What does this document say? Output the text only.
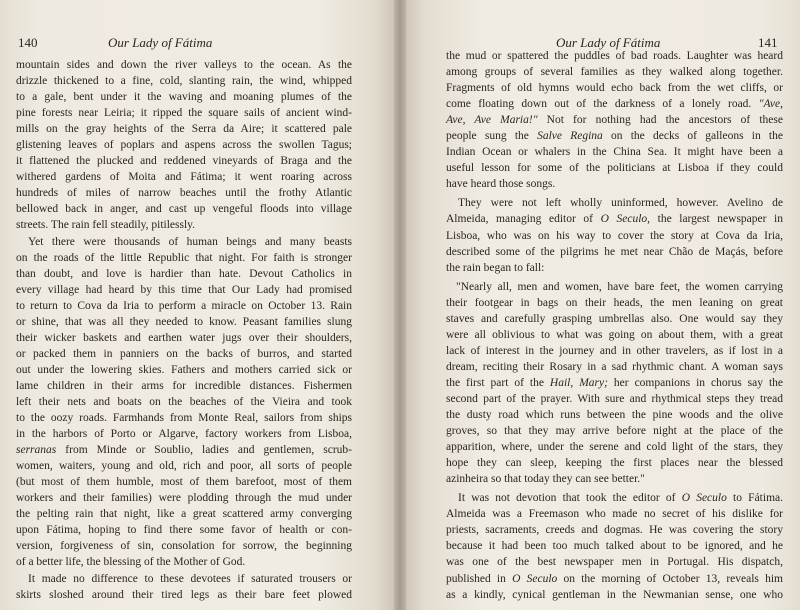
140	Our Lady of Fátima
mountain sides and down the river valleys to the ocean. As the
drizzle thickened to a fine, cold, slanting rain, the wind, whipped
to a gale, bent under it the waving and moaning plumes of the
pine forests near Leiria; it ripped the square sails of ancient wind-
mills on the gray heights of the Serra da Aire; it scattered pale
glistening leaves of poplars and aspens across the swollen Tagus;
it flattened the plucked and reddened vineyards of Braga and the
withered gardens of Moita and Fátima; it went roaring across
hundreds of miles of narrow beaches until the frothy Atlantic
bellowed back in anger, and cast up vengeful floods into village
streets. The rain fell steadily, pitilessly.
Yet there were thousands of human beings and many beasts
on the roads of the little Republic that night. For faith is stronger
than doubt, and love is hardier than hate. Devout Catholics in
every village had heard by this time that Our Lady had promised
to return to Cova da Iria to perform a miracle on October 13. Rain
or shine, that was all they needed to know. Peasant families slung
their wicker baskets and earthen water jugs over their shoulders,
or packed them in panniers on the backs of burros, and started
out under the lowering skies. Fathers and mothers carried sick or
lame children in their arms for incredible distances. Fishermen
left their nets and boats on the beaches of the Vieira and took
to the oozy roads. Farmhands from Monte Real, sailors from ships
in the harbors of Porto or Algarve, factory workers from Lisboa,
serranas from Minde or Soublio, ladies and gentlemen, scrub-
women, waiters, young and old, rich and poor, all sorts of people
(but most of them humble, most of them barefoot, most of them
workers and their families) were plodding through the mud under
the pelting rain that night, like a great scattered army converging
upon Fátima, hoping to find there some favor of health or con-
version, forgiveness of sin, consolation for sorrow, the beginning
of a better life, the blessing of the Mother of God.
It made no difference to these devotees if saturated trousers or
skirts sloshed around their tired legs as their bare feet plowed
Our Lady of Fátima	141
the mud or spattered the puddles of bad roads. Laughter was heard
among groups of several families as they walked along together.
Fragments of old hymns would echo back from the wet cliffs, or
come floating down out of the darkness of a lonely road. "Ave,
Ave, Ave Maria!" Not for nothing had the ancestors of these
people sung the Salve Regina on the decks of galleons in the
Indian Ocean or whalers in the China Sea. It might have been a
useful lesson for some of the politicians at Lisboa if they could
have heard those songs.
They were not left wholly uninformed, however. Avelino de
Almeida, managing editor of O Seculo, the largest newspaper in
Lisboa, who was on his way to cover the story at Cova da Iria,
described some of the pilgrims he met near Chão de Maçás, before
the rain began to fall:
"Nearly all, men and women, have bare feet, the women carrying
their footgear in bags on their heads, the men leaning on great
staves and carefully grasping umbrellas also. One would say they
were all oblivious to what was going on about them, with a great
lack of interest in the journey and in other travelers, as if lost in a
dream, reciting their Rosary in a sad rhythmic chant. A woman says
the first part of the Hail, Mary; her companions in chorus say the
second part of the prayer. With sure and rhythmical steps they tread
the dusty road which runs between the pine woods and the olive
groves, so that they may arrive before night at the place of the
apparition, where, under the serene and cold light of the stars, they
hope they can sleep, keeping the first places near the blessed
azinheira so that today they can see better."
It was not devotion that took the editor of O Seculo to Fátima.
Almeida was a Freemason who made no secret of his dislike for
priests, sacraments, creeds and dogmas. He was covering the story
because it had been too much talked about to be ignored, and he
was one of the best newspaper men in Portugal. His dispatch,
published in O Seculo on the morning of October 13, reveals him
as a kindly, cynical gentleman in the Newmanian sense, one who
